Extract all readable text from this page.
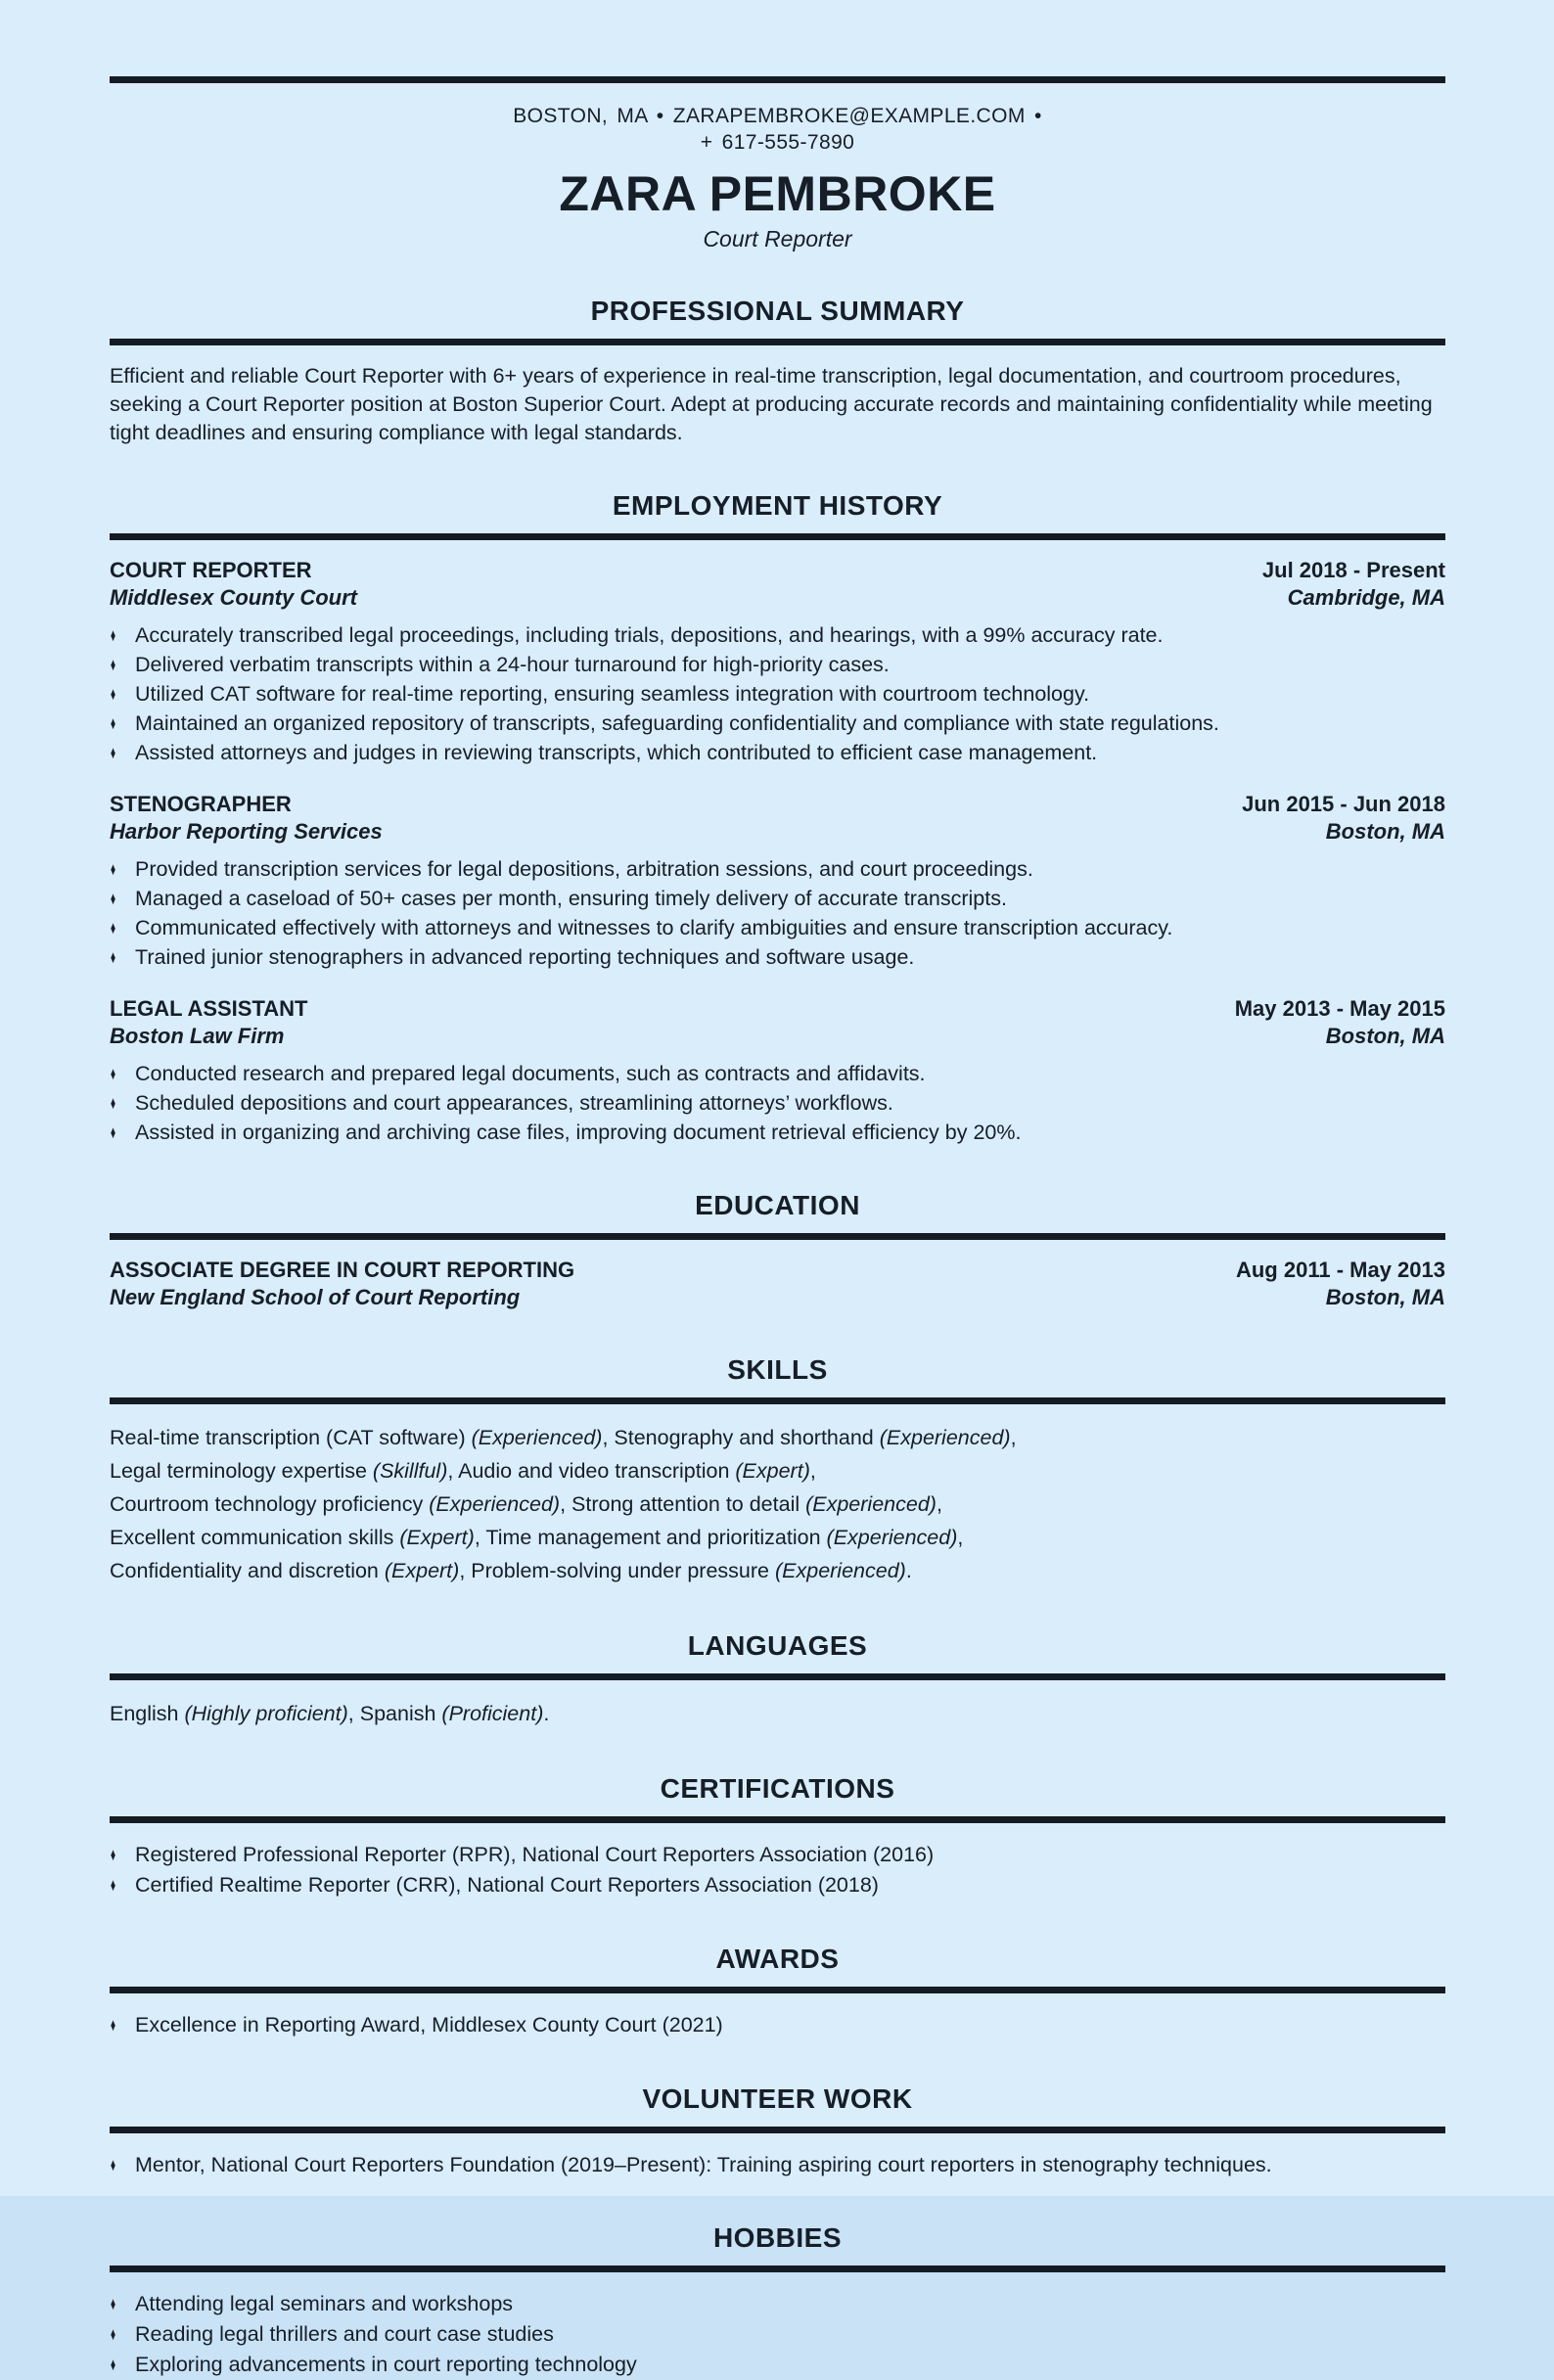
BOSTON, MA • ZARAPEMBROKE@EXAMPLE.COM •
+ 617-555-7890
ZARA PEMBROKE
Court Reporter
PROFESSIONAL SUMMARY

Efficient and reliable Court Reporter with 6+ years of experience in real-time transcription, legal documentation, and courtroom procedures, seeking a Court Reporter position at Boston Superior Court. Adept at producing accurate records and maintaining confidentiality while meeting tight deadlines and ensuring compliance with legal standards.

EMPLOYMENT HISTORY
COURT REPORTER	Jul 2018 - Present
Middlesex County Court	Cambridge, MA
♦ Accurately transcribed legal proceedings, including trials, depositions, and hearings, with a 99% accuracy rate.
♦ Delivered verbatim transcripts within a 24-hour turnaround for high-priority cases.
♦ Utilized CAT software for real-time reporting, ensuring seamless integration with courtroom technology.
♦ Maintained an organized repository of transcripts, safeguarding confidentiality and compliance with state regulations.
♦ Assisted attorneys and judges in reviewing transcripts, which contributed to efficient case management.
STENOGRAPHER	Jun 2015 - Jun 2018
Harbor Reporting Services	Boston, MA
♦ Provided transcription services for legal depositions, arbitration sessions, and court proceedings.
♦ Managed a caseload of 50+ cases per month, ensuring timely delivery of accurate transcripts.
♦ Communicated effectively with attorneys and witnesses to clarify ambiguities and ensure transcription accuracy.
♦ Trained junior stenographers in advanced reporting techniques and software usage.
LEGAL ASSISTANT	May 2013 - May 2015
Boston Law Firm	Boston, MA
♦ Conducted research and prepared legal documents, such as contracts and affidavits.
♦ Scheduled depositions and court appearances, streamlining attorneys’ workflows.
♦ Assisted in organizing and archiving case files, improving document retrieval efficiency by 20%.
EDUCATION
ASSOCIATE DEGREE IN COURT REPORTING	Aug 2011 - May 2013
New England School of Court Reporting	Boston, MA
SKILLS
Real-time transcription (CAT software) (Experienced), Stenography and shorthand (Experienced),
Legal terminology expertise (Skillful), Audio and video transcription (Expert),
Courtroom technology proficiency (Experienced), Strong attention to detail (Experienced),
Excellent communication skills (Expert), Time management and prioritization (Experienced),
Confidentiality and discretion (Expert), Problem-solving under pressure (Experienced).
LANGUAGES
English (Highly proficient), Spanish (Proficient).
CERTIFICATIONS
♦ Registered Professional Reporter (RPR), National Court Reporters Association (2016)
♦ Certified Realtime Reporter (CRR), National Court Reporters Association (2018)
AWARDS
♦ Excellence in Reporting Award, Middlesex County Court (2021)
VOLUNTEER WORK
♦ Mentor, National Court Reporters Foundation (2019–Present): Training aspiring court reporters in stenography techniques.
HOBBIES
♦ Attending legal seminars and workshops
♦ Reading legal thrillers and court case studies
♦ Exploring advancements in court reporting technology
